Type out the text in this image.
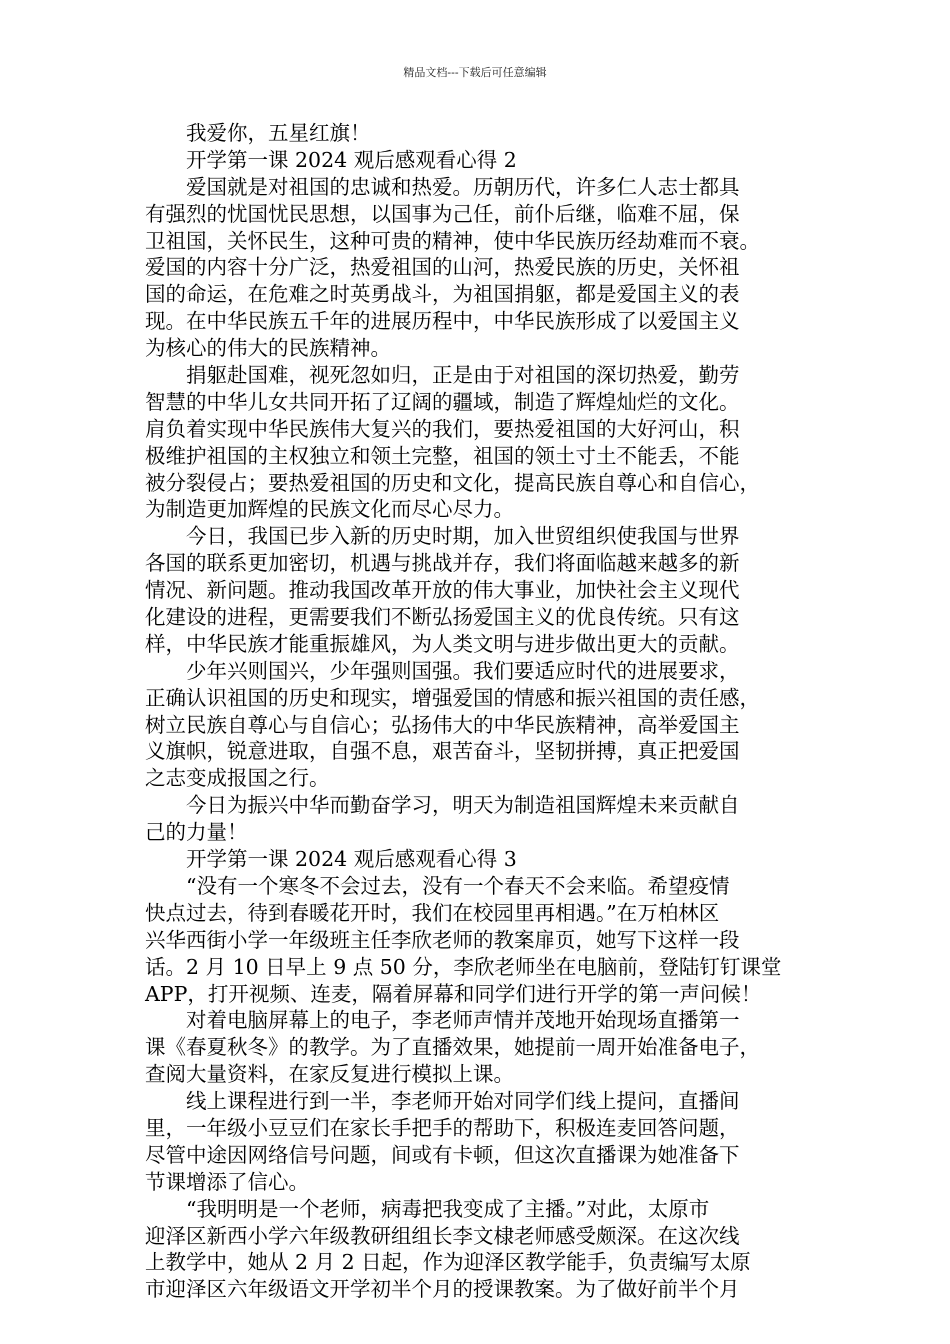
精品文档---下载后可任意编辑
我爱你，五星红旗！
开学第一课 2024 观后感观看心得 2
爱国就是对祖国的忠诚和热爱。历朝历代，许多仁人志士都具
有强烈的忧国忧民思想，以国事为己任，前仆后继，临难不屈，保
卫祖国，关怀民生，这种可贵的精神，使中华民族历经劫难而不衰。
爱国的内容十分广泛，热爱祖国的山河，热爱民族的历史，关怀祖
国的命运，在危难之时英勇战斗，为祖国捐躯，都是爱国主义的表
现。在中华民族五千年的进展历程中，中华民族形成了以爱国主义
为核心的伟大的民族精神。
捐躯赴国难，视死忽如归，正是由于对祖国的深切热爱，勤劳
智慧的中华儿女共同开拓了辽阔的疆域，制造了辉煌灿烂的文化。
肩负着实现中华民族伟大复兴的我们，要热爱祖国的大好河山，积
极维护祖国的主权独立和领土完整，祖国的领土寸土不能丢，不能
被分裂侵占；要热爱祖国的历史和文化，提高民族自尊心和自信心，
为制造更加辉煌的民族文化而尽心尽力。
今日，我国已步入新的历史时期，加入世贸组织使我国与世界
各国的联系更加密切，机遇与挑战并存，我们将面临越来越多的新
情况、新问题。推动我国改革开放的伟大事业，加快社会主义现代
化建设的进程，更需要我们不断弘扬爱国主义的优良传统。只有这
样，中华民族才能重振雄风，为人类文明与进步做出更大的贡献。
少年兴则国兴，少年强则国强。我们要适应时代的进展要求，
正确认识祖国的历史和现实，增强爱国的情感和振兴祖国的责任感，
树立民族自尊心与自信心；弘扬伟大的中华民族精神，高举爱国主
义旗帜，锐意进取，自强不息，艰苦奋斗，坚韧拼搏，真正把爱国
之志变成报国之行。
今日为振兴中华而勤奋学习，明天为制造祖国辉煌未来贡献自
己的力量！
开学第一课 2024 观后感观看心得 3
“没有一个寒冬不会过去，没有一个春天不会来临。希望疫情
快点过去，待到春暖花开时，我们在校园里再相遇。”在万柏林区
兴华西街小学一年级班主任李欣老师的教案扉页，她写下这样一段
话。2 月 10 日早上 9 点 50 分，李欣老师坐在电脑前，登陆钉钉课堂
APP，打开视频、连麦，隔着屏幕和同学们进行开学的第一声问候！
对着电脑屏幕上的电子，李老师声情并茂地开始现场直播第一
课《春夏秋冬》的教学。为了直播效果，她提前一周开始准备电子，
查阅大量资料，在家反复进行模拟上课。
线上课程进行到一半，李老师开始对同学们线上提问，直播间
里，一年级小豆豆们在家长手把手的帮助下，积极连麦回答问题，
尽管中途因网络信号问题，间或有卡顿，但这次直播课为她准备下
节课增添了信心。
“我明明是一个老师，病毒把我变成了主播。”对此，太原市
迎泽区新西小学六年级教研组组长李文棣老师感受颇深。在这次线
上教学中，她从 2 月 2 日起，作为迎泽区教学能手，负责编写太原
市迎泽区六年级语文开学初半个月的授课教案。为了做好前半个月
